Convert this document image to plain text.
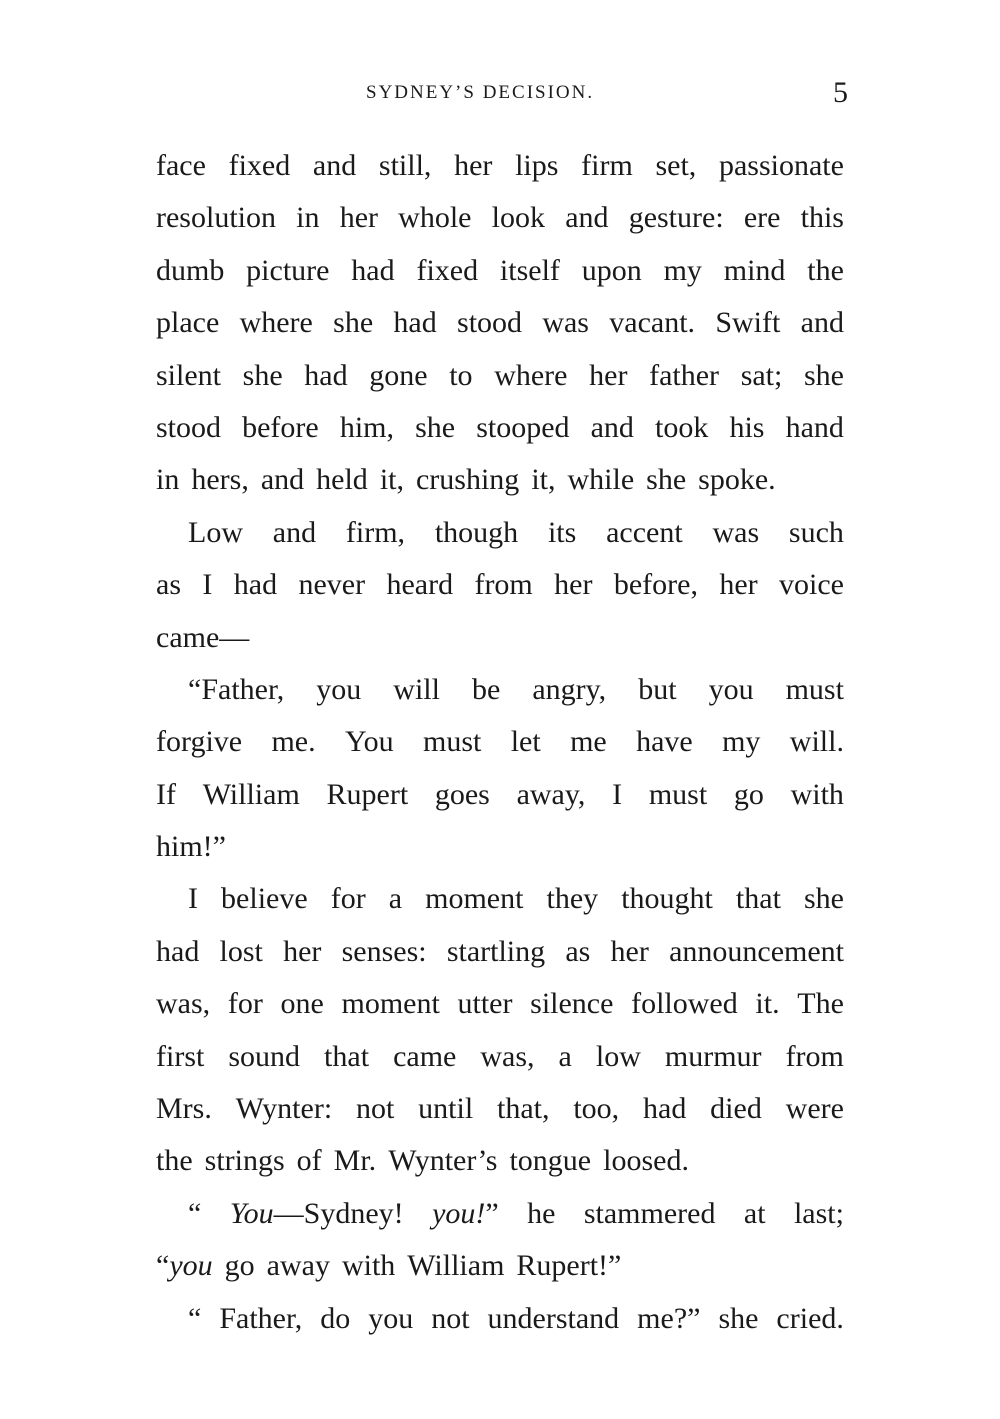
SYDNEY’S DECISION.	5
face fixed and still, her lips firm set, passionate
resolution in her whole look and gesture: ere this
dumb picture had fixed itself upon my mind the
place where she had stood was vacant. Swift and
silent she had gone to where her father sat; she
stood before him, she stooped and took his hand
in hers, and held it, crushing it, while she spoke.
Low and firm, though its accent was such
as I had never heard from her before, her voice
came—
“Father, you will be angry, but you must
forgive me. You must let me have my will.
If William Rupert goes away, I must go with
him!”
I believe for a moment they thought that she
had lost her senses: startling as her announcement
was, for one moment utter silence followed it. The
first sound that came was, a low murmur from
Mrs. Wynter: not until that, too, had died were
the strings of Mr. Wynter’s tongue loosed.
“ You—Sydney! you!” he stammered at last;
“you go away with William Rupert!”
“ Father, do you not understand me?” she cried.
